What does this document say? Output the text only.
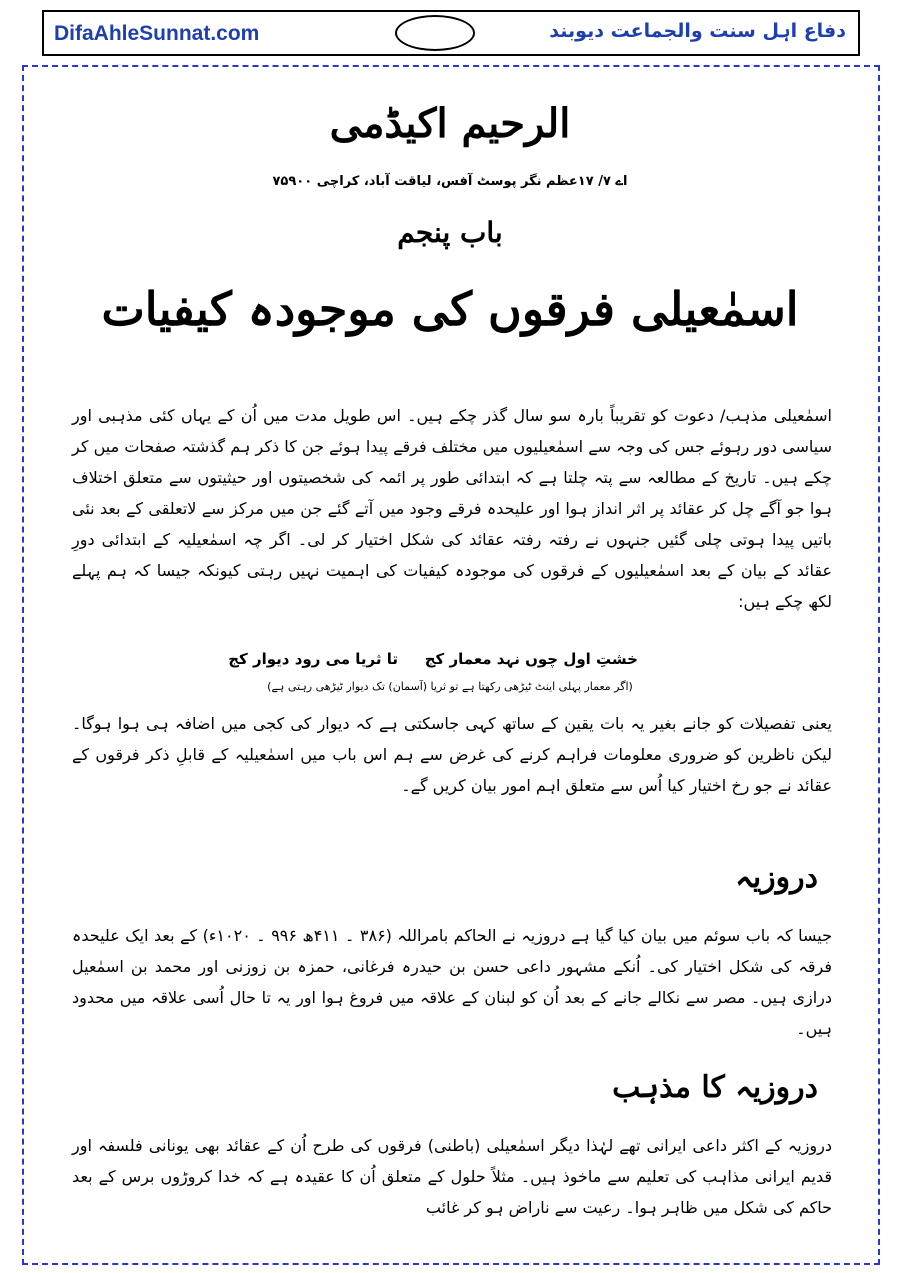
DifaAhleSunnat.com	دفاع اہل سنت والجماعت دیوبند
الرحیم اکیڈمی
اے ۷/ ۱۷عظم نگر پوسٹ آفس، لیاقت آباد، کراچی ۷۵۹۰۰
باب پنجم
اسمٰعیلی فرقوں کی موجودہ کیفیات
اسمٰعیلی مذہب/ دعوت کو تقریباً بارہ سو سال گذر چکے ہیں۔ اس طویل مدت میں اُن کے یہاں کئی مذہبی اور سیاسی دور رہوئے جس کی وجہ سے اسمٰعیلیوں میں مختلف فرقے پیدا ہوئے جن کا ذکر ہم گذشتہ صفحات میں کر چکے ہیں۔ تاریخ کے مطالعہ سے پتہ چلتا ہے کہ ابتدائی طور پر ائمہ کی شخصیتوں اور حیثیتوں سے متعلق اختلاف ہوا جو آگے چل کر عقائد پر اثر انداز ہوا اور علیحدہ فرقے وجود میں آتے گئے جن میں مرکز سے لاتعلقی کے بعد نئی باتیں پیدا ہوتی چلی گئیں جنہوں نے رفتہ رفتہ عقائد کی شکل اختیار کر لی۔ اگر چہ اسمٰعیلیہ کے ابتدائی دورِ عقائد کے بیان کے بعد اسمٰعیلیوں کے فرقوں کی موجودہ کیفیات کی اہمیت نہیں رہتی کیونکہ جیسا کہ ہم پہلے لکھ چکے ہیں:
خشتِ اول چوں نہد معمار کج
تا ثریا می رود دیوار کج
(اگر معمار پہلی اینٹ ٹیڑھی رکھتا ہے تو ثریا (آسمان) تک دیوار ٹیڑھی رہتی ہے)
یعنی تفصیلات کو جانے بغیر یہ بات یقین کے ساتھ کہی جاسکتی ہے کہ دیوار کی کجی میں اضافہ ہی ہوا ہوگا۔ لیکن ناظرین کو ضروری معلومات فراہم کرنے کی غرض سے ہم اس باب میں اسمٰعیلیہ کے قابلِ ذکر فرقوں کے عقائد نے جو رخ اختیار کیا اُس سے متعلق اہم امور بیان کریں گے۔
دروزیہ
جیسا کہ باب سوئم میں بیان کیا گیا ہے دروزیہ نے الحاکم بامراللہ (۳۸۶ ۔ ۴۱۱ھ ۹۹۶ ۔ ۱۰۲۰ء) کے بعد ایک علیحدہ فرقہ کی شکل اختیار کی۔ اُنکے مشہور داعی حسن بن حیدرہ فرغانی، حمزہ بن زوزنی اور محمد بن اسمٰعیل درازی ہیں۔ مصر سے نکالے جانے کے بعد اُن کو لبنان کے علاقہ میں فروغ ہوا اور یہ تا حال اُسی علاقہ میں محدود ہیں۔
دروزیہ کا مذہب
دروزیہ کے اکثر داعی ایرانی تھے لہٰذا دیگر اسمٰعیلی (باطنی) فرقوں کی طرح اُن کے عقائد بھی یونانی فلسفہ اور قدیم ایرانی مذاہب کی تعلیم سے ماخوذ ہیں۔ مثلاً حلول کے متعلق اُن کا عقیدہ ہے کہ خدا کروڑوں برس کے بعد حاکم کی شکل میں ظاہر ہوا۔ رعیت سے ناراض ہو کر غائب
